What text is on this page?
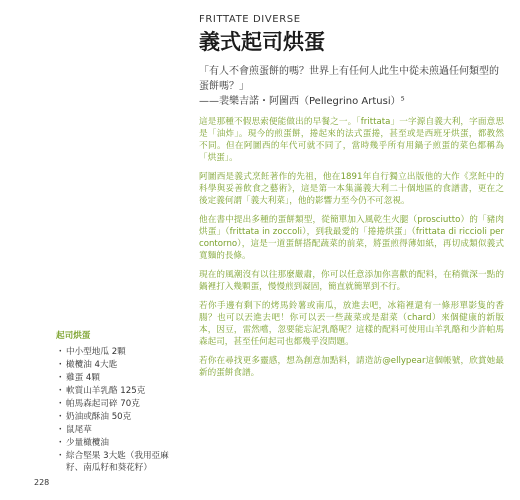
FRITTATE DIVERSE
義式起司烘蛋

「有人不會煎蛋餅的嗎？世界上有任何人此生中從未煎過任何類型的蛋餅嗎？」

——裴樂吉諾・阿圖西（Pellegrino Artusi）⁵

這是那種不假思索便能做出的早餐之一。「frittata」一字源自義大利，字面意思是「油炸」。現今的煎蛋餅，捲起來的法式蛋捲，甚至或是西班牙烘蛋，都教然不同。但在阿圖西的年代可就不同了，當時幾乎所有用鍋子煎蛋的菜色都稱為「烘蛋」。

阿圖西是義式烹飪著作的先祖，他在1891年自行獨立出版他的大作《烹飪中的科學與妥善飲食之藝術》，這是第一本集滿義大利二十個地區的食譜書，更在之後定義何謂「義大利菜」，他的影響力至今仍不可忽視。

他在書中提出多種的蛋餅類型，從簡單加入風乾生火腿（prosciutto）的「豬肉烘蛋」（frittata in zoccoli），到我最愛的「捲捲烘蛋」（frittata di riccioli per contorno），這是一道蛋餅搭配蔬菜的前菜，將蛋煎得薄如紙，再切成類似義式寬麵的長條。

現在的風潮沒有以往那麼嚴肅，你可以任意添加你喜歡的配料，在稍微深一點的鍋裡打入幾顆蛋，慢慢煎到凝固，簡直就簡單到不行。

若你手邊有剩下的烤馬鈴薯或南瓜，放進去吧，冰箱裡還有一條形單影隻的香腸？也可以丟進去吧！你可以丟一些蔬菜或是甜菜（chard）來個健康的新版本，因豆，雷然嚐，忽要能忘記乳酪呢？這樣的配料可使用山羊乳酪和少許帕馬森起司，甚至任何起司也都幾乎沒問題。

若你在尋找更多靈感，想為創意加點料，請造訪@ellypear這個帳號，欣賞她最新的蛋餅食譜。

起司烘蛋
・ 中小型地瓜 2顆
・ 橄欖油 4大匙
・ 雞蛋 4顆
・ 軟質山羊乳酪 125克
・ 帕馬森起司碎 70克
・ 奶油或酥油 50克
・ 鼠尾草
・ 少量橄欖油
・ 綜合堅果 3大匙（我用亞麻籽、南瓜籽和葵花籽）
228
